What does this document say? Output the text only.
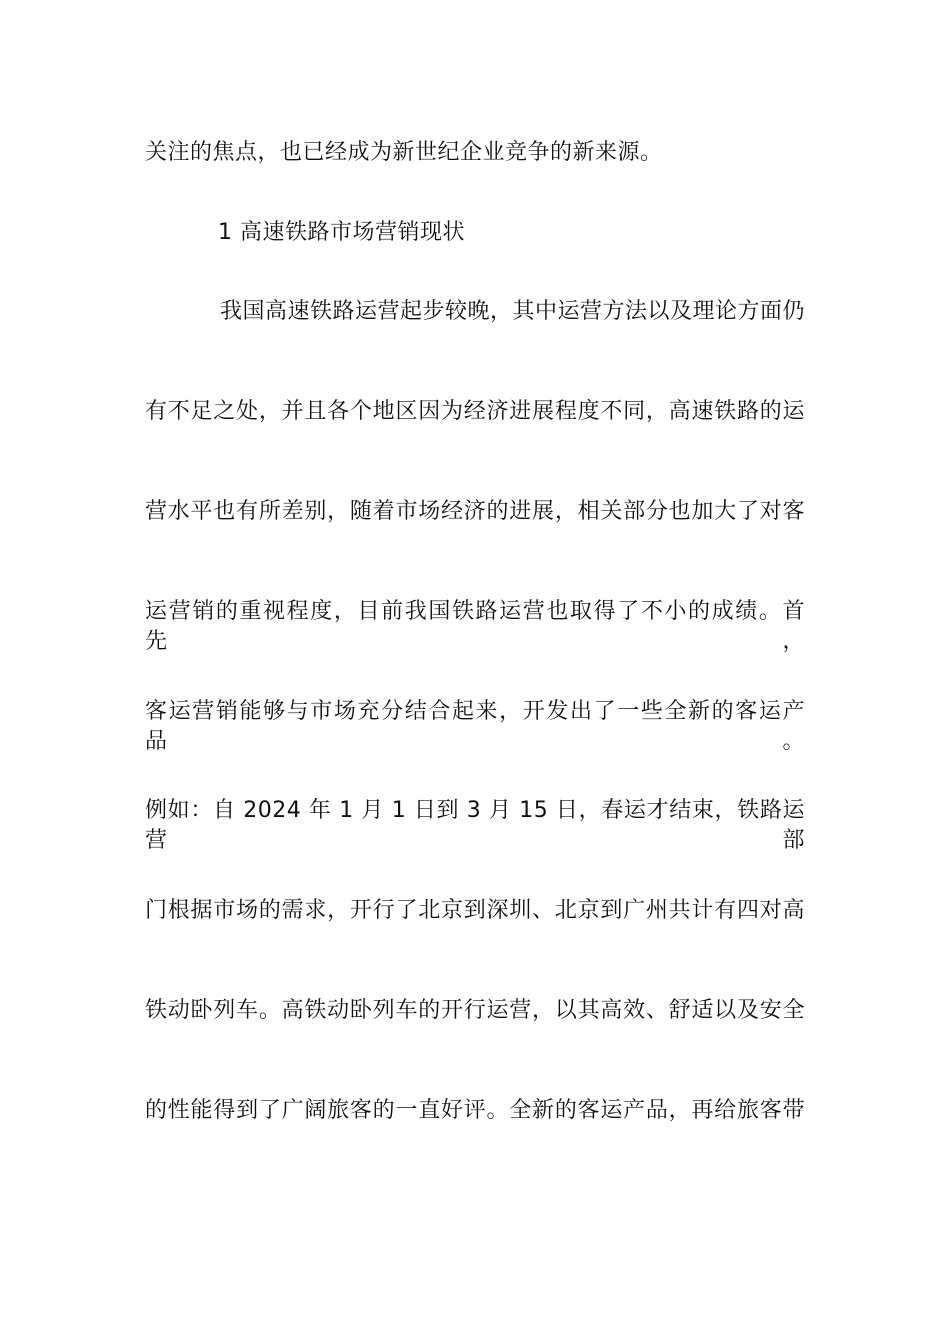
关注的焦点，也已经成为新世纪企业竞争的新来源。
1 高速铁路市场营销现状
我国高速铁路运营起步较晚，其中运营方法以及理论方面仍
有不足之处，并且各个地区因为经济进展程度不同，高速铁路的运
营水平也有所差别，随着市场经济的进展，相关部分也加大了对客
运营销的重视程度，目前我国铁路运营也取得了不小的成绩。首先，
客运营销能够与市场充分结合起来，开发出了一些全新的客运产品。
例如：自 2024 年 1 月 1 日到 3 月 15 日，春运才结束，铁路运营部
门根据市场的需求，开行了北京到深圳、北京到广州共计有四对高
铁动卧列车。高铁动卧列车的开行运营，以其高效、舒适以及安全
的性能得到了广阔旅客的一直好评。全新的客运产品，再给旅客带
